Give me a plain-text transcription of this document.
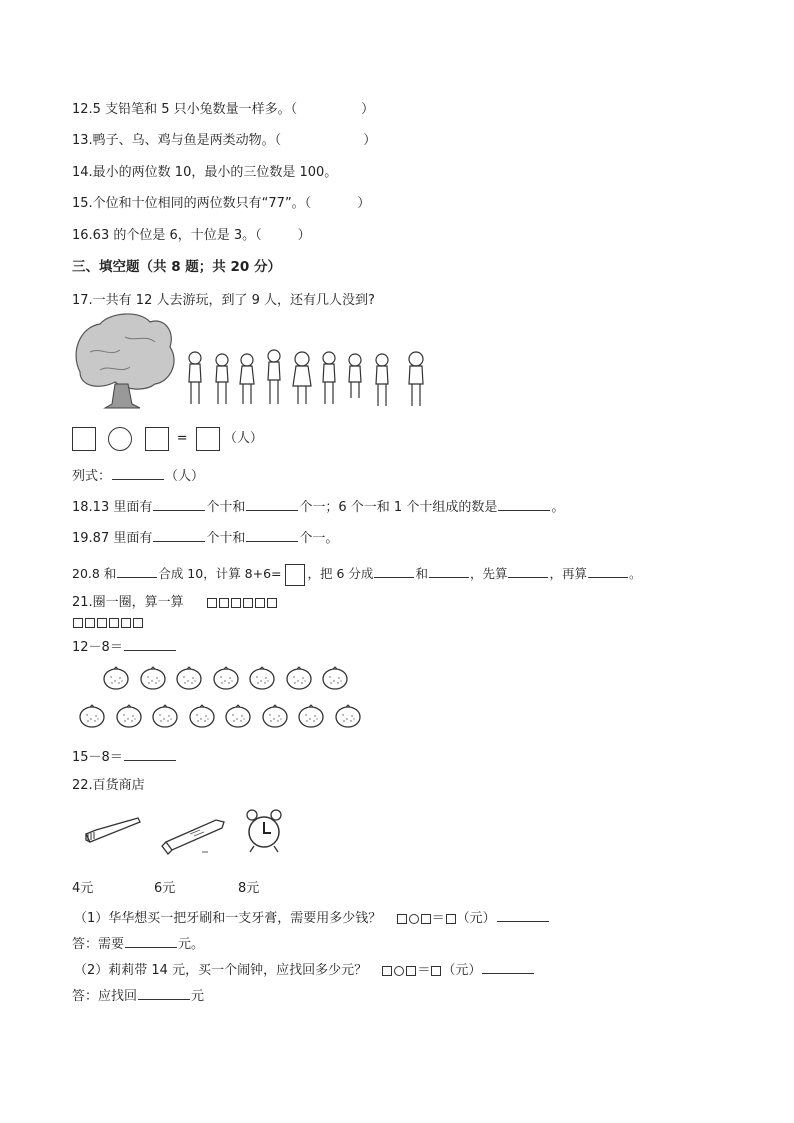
12.5 支铅笔和 5 只小兔数量一样多。（	）
13.鸭子、乌、鸡与鱼是两类动物。（	）
14.最小的两位数 10，最小的三位数是 100。
15.个位和十位相同的两位数只有“77”。（	）
16.63 的个位是 6，十位是 3。（	）
三、填空题（共 8 题；共 20 分）
17.一共有 12 人去游玩，到了 9 人，还有几人没到?
=	（人）
列式：	（人）
18.13 里面有	个十和	个一；6 个一和 1 个十组成的数是	。
19.87 里面有	个十和	个一。
20.8 和	合成 10，计算 8+6= ，把 6 分成	和	，先算	，再算	。
21.圈一圈，算一算
12－8＝
15－8＝
22.百货商店
4元	6元	8元
（1）华华想买一把牙刷和一支牙膏，需要用多少钱？	＝ （元）
答：需要	元。
（2）莉莉带 14 元，买一个闹钟，应找回多少元？	＝ （元）
答：应找回	元
